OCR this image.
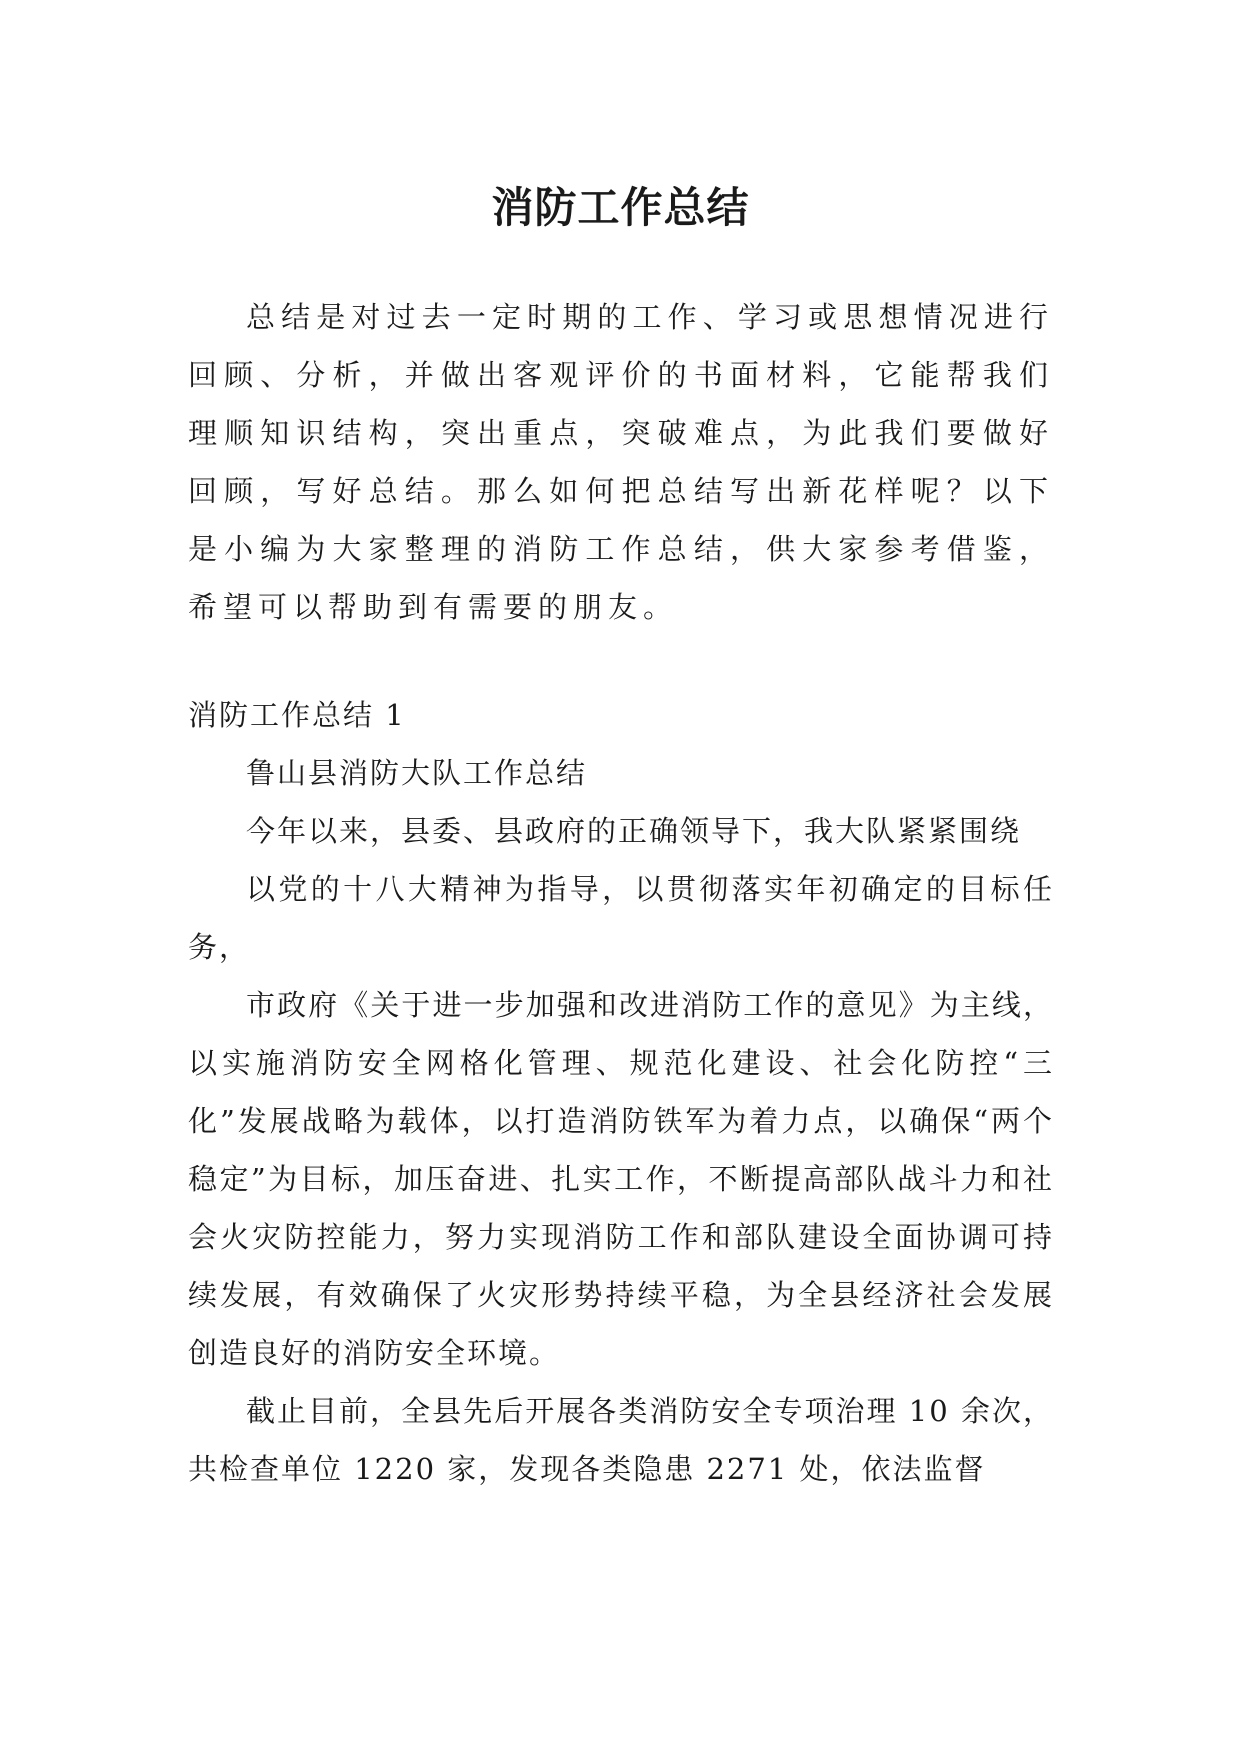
消防工作总结

总结是对过去一定时期的工作、学习或思想情况进行回顾、分析，并做出客观评价的书面材料，它能帮我们理顺知识结构，突出重点，突破难点，为此我们要做好回顾，写好总结。那么如何把总结写出新花样呢？以下是小编为大家整理的消防工作总结，供大家参考借鉴，希望可以帮助到有需要的朋友。

消防工作总结 1

鲁山县消防大队工作总结

今年以来，县委、县政府的正确领导下，我大队紧紧围绕

以党的十八大精神为指导，以贯彻落实年初确定的目标任务，

市政府《关于进一步加强和改进消防工作的意见》为主线，以实施消防安全网格化管理、规范化建设、社会化防控“三化”发展战略为载体，以打造消防铁军为着力点，以确保“两个稳定”为目标，加压奋进、扎实工作，不断提高部队战斗力和社会火灾防控能力，努力实现消防工作和部队建设全面协调可持续发展，有效确保了火灾形势持续平稳，为全县经济社会发展创造良好的消防安全环境。

截止目前，全县先后开展各类消防安全专项治理 10 余次，共检查单位 1220 家，发现各类隐患 2271 处，依法监督
